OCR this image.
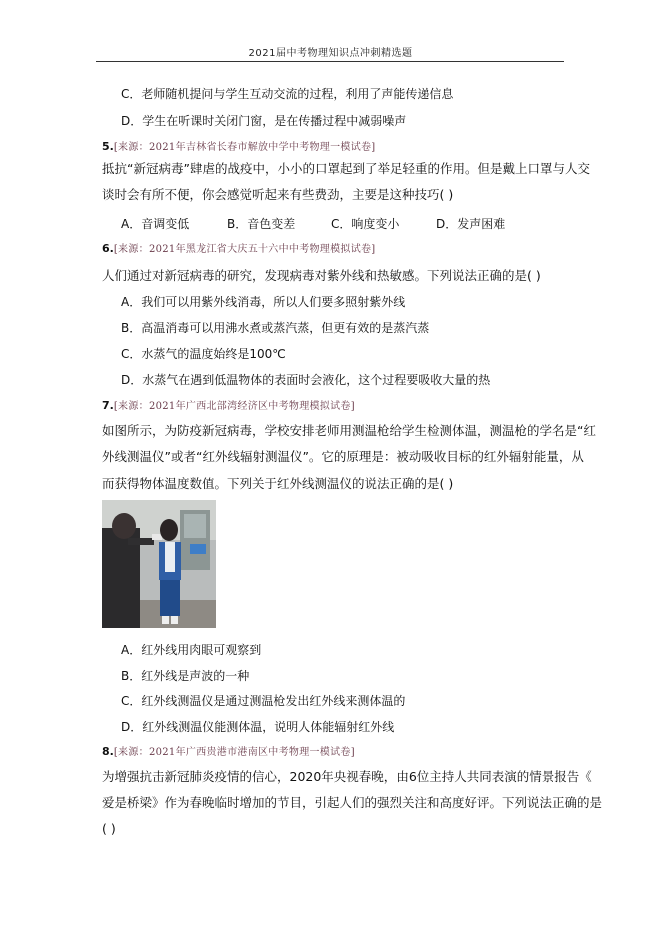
2021届中考物理知识点冲刺精选题
C．老师随机提问与学生互动交流的过程，利用了声能传递信息
D．学生在听课时关闭门窗，是在传播过程中减弱噪声
5.[来源：2021年吉林省长春市解放中学中考物理一模试卷]
抵抗“新冠病毒”肆虐的战疫中，小小的口罩起到了举足轻重的作用。但是戴上口罩与人交
谈时会有所不便，你会感觉听起来有些费劲，主要是这种技巧( )
A．音调变低	B．音色变差	C．响度变小	D．发声困难
6.[来源：2021年黑龙江省大庆五十六中中考物理模拟试卷]
人们通过对新冠病毒的研究，发现病毒对紫外线和热敏感。下列说法正确的是( )
A．我们可以用紫外线消毒，所以人们要多照射紫外线
B．高温消毒可以用沸水煮或蒸汽蒸，但更有效的是蒸汽蒸
C．水蒸气的温度始终是100℃
D．水蒸气在遇到低温物体的表面时会液化，这个过程要吸收大量的热
7.[来源：2021年广西北部湾经济区中考物理模拟试卷]
如图所示，为防疫新冠病毒，学校安排老师用测温枪给学生检测体温，测温枪的学名是“红
外线测温仪”或者“红外线辐射测温仪”。它的原理是：被动吸收目标的红外辐射能量，从
而获得物体温度数值。下列关于红外线测温仪的说法正确的是( )
A．红外线用肉眼可观察到
B．红外线是声波的一种
C．红外线测温仪是通过测温枪发出红外线来测体温的
D．红外线测温仪能测体温，说明人体能辐射红外线
8.[来源：2021年广西贵港市港南区中考物理一模试卷]
为增强抗击新冠肺炎疫情的信心，2020年央视春晚，由6位主持人共同表演的情景报告《
爱是桥梁》作为春晚临时增加的节目，引起人们的强烈关注和高度好评。下列说法正确的是
( )
